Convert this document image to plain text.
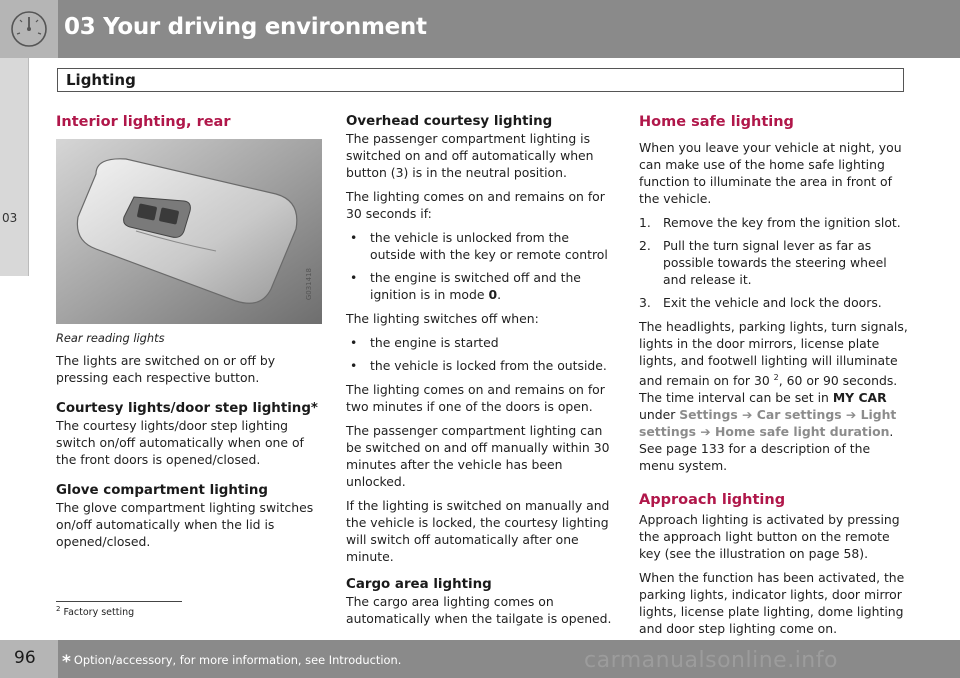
03 Your driving environment
Lighting
03
Interior lighting, rear
G031418
Rear reading lights

The lights are switched on or off by pressing each respective button.

Courtesy lights/door step lighting*

The courtesy lights/door step lighting switch on/off automatically when one of the front doors is opened/closed.

Glove compartment lighting

The glove compartment lighting switches on/off automatically when the lid is opened/closed.

Overhead courtesy lighting

The passenger compartment lighting is switched on and off automatically when button (3) is in the neutral position.

The lighting comes on and remains on for 30 seconds if:

• the vehicle is unlocked from the outside with the key or remote control
• the engine is switched off and the ignition is in mode 0.

The lighting switches off when:

• the engine is started
• the vehicle is locked from the outside.

The lighting comes on and remains on for two minutes if one of the doors is open.

The passenger compartment lighting can be switched on and off manually within 30 minutes after the vehicle has been unlocked.

If the lighting is switched on manually and the vehicle is locked, the courtesy lighting will switch off automatically after one minute.

Cargo area lighting

The cargo area lighting comes on automatically when the tailgate is opened.

Home safe lighting

When you leave your vehicle at night, you can make use of the home safe lighting function to illuminate the area in front of the vehicle.

1. Remove the key from the ignition slot.
2. Pull the turn signal lever as far as possible towards the steering wheel and release it.
3. Exit the vehicle and lock the doors.

The headlights, parking lights, turn signals, lights in the door mirrors, license plate lights, and footwell lighting will illuminate and remain on for 30 $^2$, 60 or 90 seconds. The time interval can be set in MY CAR under Settings ➔ Car settings ➔ Light settings ➔ Home safe light duration. See page 133 for a description of the menu system.

Approach lighting

Approach lighting is activated by pressing the approach light button on the remote key (see the illustration on page 58).

When the function has been activated, the parking lights, indicator lights, door mirror lights, license plate lighting, dome lighting and door step lighting come on.

$^2$ Factory setting
96 * Option/accessory, for more information, see Introduction.	carmanualsonline.info
